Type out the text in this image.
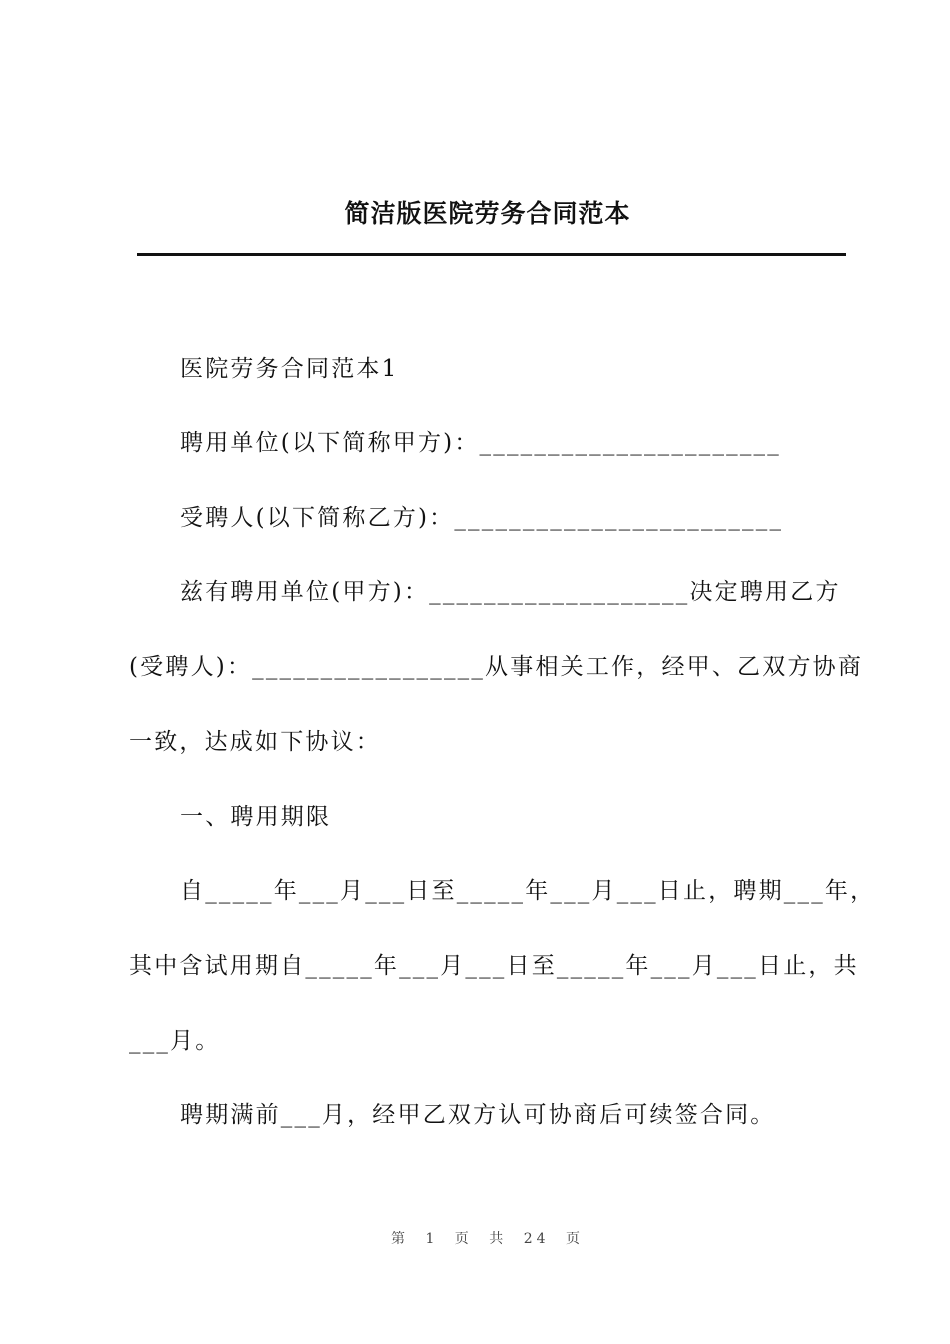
简洁版医院劳务合同范本
医院劳务合同范本1
聘用单位(以下简称甲方)：______________________
受聘人(以下简称乙方)：________________________
兹有聘用单位(甲方)：___________________决定聘用乙方
(受聘人)：_________________从事相关工作，经甲、乙双方协商
一致，达成如下协议：
一、聘用期限
自_____年___月___日至_____年___月___日止，聘期___年，
其中含试用期自_____年___月___日至_____年___月___日止，共
___月。
聘期满前___月，经甲乙双方认可协商后可续签合同。
第 1 页 共 24 页
